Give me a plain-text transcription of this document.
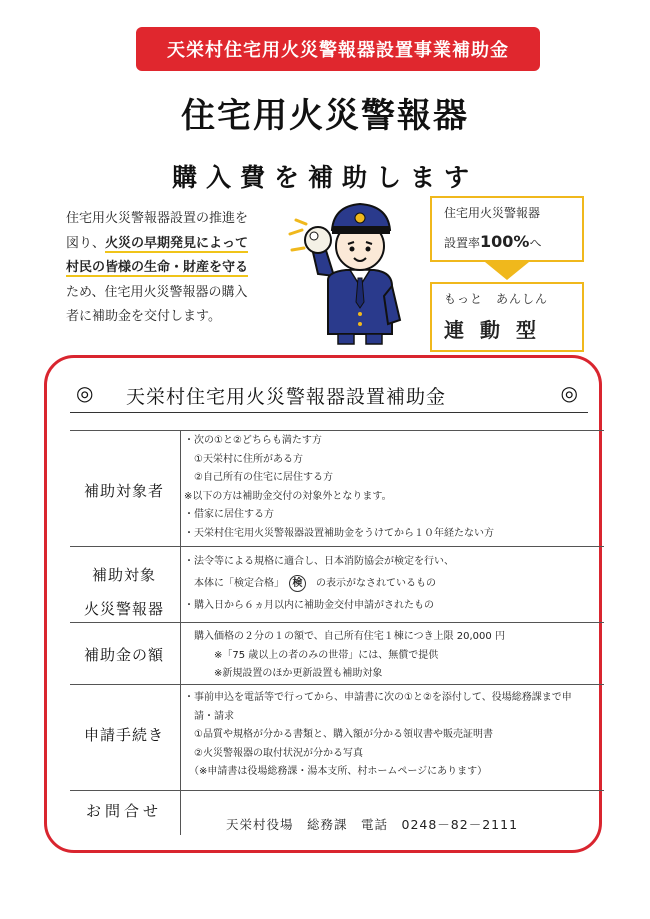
天栄村住宅用火災警報器設置事業補助金
住宅用火災警報器
購入費を補助します
住宅用火災警報器設置の推進を
図り、火災の早期発見によって
村民の皆様の生命・財産を守る
ため、住宅用火災警報器の購入
者に補助金を交付します。
住宅用火災警報器
設置率100%へ
もっと　あんしん
連動型
◎ 天栄村住宅用火災警報器設置補助金	◎
補助対象者
・次の①と②どちらも満たす方
　①天栄村に住所がある方
　②自己所有の住宅に居住する方
※以下の方は補助金交付の対象外となります。
・借家に居住する方
・天栄村住宅用火災警報器設置補助金をうけてから１０年経たない方
補助対象
火災警報器
・法令等による規格に適合し、日本消防協会が検定を行い、
　本体に「検定合格」　 検　 の表示がなされているもの
・購入日から６ヵ月以内に補助金交付申請がされたもの
補助金の額
　購入価格の２分の１の額で、自己所有住宅１棟につき上限 20,000 円
　　　※「75 歳以上の者のみの世帯」には、無償で提供
　　　※新規設置のほか更新設置も補助対象
申請手続き
・事前申込を電話等で行ってから、申請書に次の①と②を添付して、役場総務課まで申
　請・請求
　①品質や規格が分かる書類と、購入額が分かる領収書や販売証明書
　②火災警報器の取付状況が分かる写真
　（※申請書は役場総務課・湯本支所、村ホームページにあります）
お問合せ
天栄村役場　総務課　電話　0248－82－2111
